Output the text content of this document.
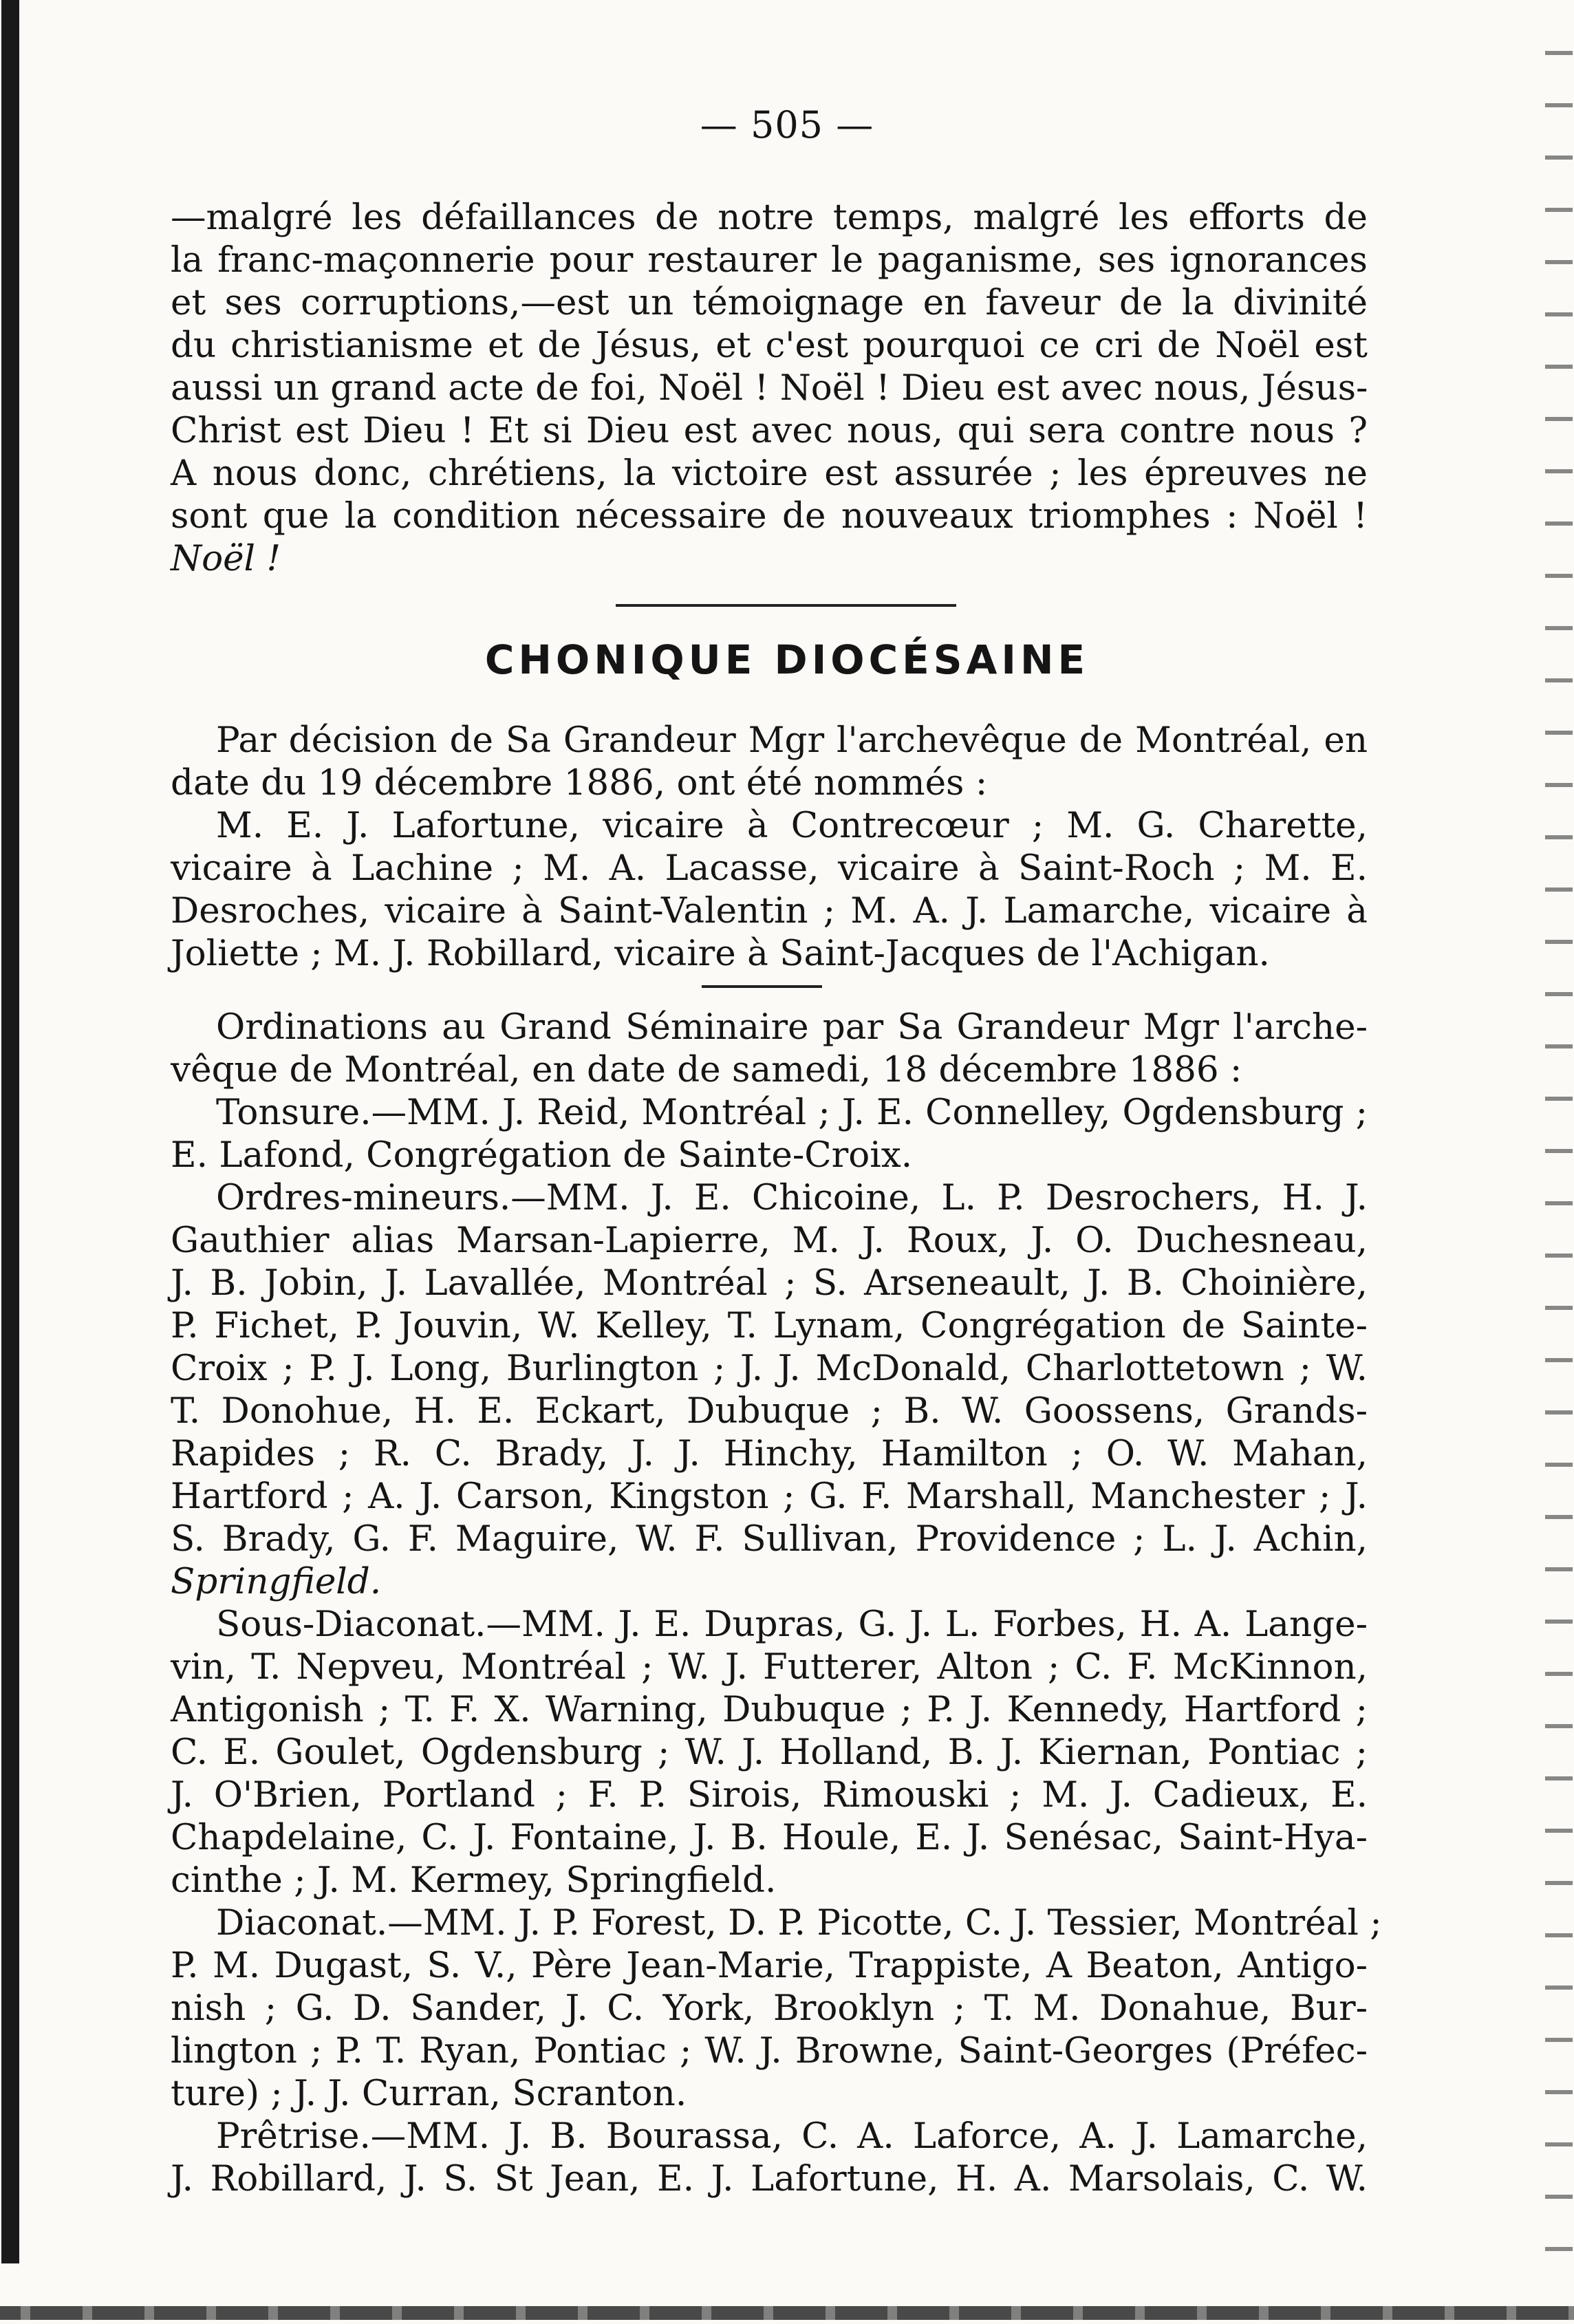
— 505 —
—malgré les défaillances de notre temps, malgré les efforts de
la franc-maçonnerie pour restaurer le paganisme, ses ignorances
et ses corruptions,—est un témoignage en faveur de la divinité
du christianisme et de Jésus, et c'est pourquoi ce cri de Noël est
aussi un grand acte de foi, Noël ! Noël ! Dieu est avec nous, Jésus-
Christ est Dieu ! Et si Dieu est avec nous, qui sera contre nous ?
A nous donc, chrétiens, la victoire est assurée ; les épreuves ne
sont que la condition nécessaire de nouveaux triomphes : Noël !
Noël !
CHONIQUE DIOCÉSAINE
Par décision de Sa Grandeur Mgr l'archevêque de Montréal, en
date du 19 décembre 1886, ont été nommés :
M. E. J. Lafortune, vicaire à Contrecœur ; M. G. Charette,
vicaire à Lachine ; M. A. Lacasse, vicaire à Saint-Roch ; M. E.
Desroches, vicaire à Saint-Valentin ; M. A. J. Lamarche, vicaire à
Joliette ; M. J. Robillard, vicaire à Saint-Jacques de l'Achigan.
Ordinations au Grand Séminaire par Sa Grandeur Mgr l'arche-
vêque de Montréal, en date de samedi, 18 décembre 1886 :
Tonsure.—MM. J. Reid, Montréal ; J. E. Connelley, Ogdensburg ;
E. Lafond, Congrégation de Sainte-Croix.
Ordres-mineurs.—MM. J. E. Chicoine, L. P. Desrochers, H. J.
Gauthier alias Marsan-Lapierre, M. J. Roux, J. O. Duchesneau,
J. B. Jobin, J. Lavallée, Montréal ; S. Arseneault, J. B. Choinière,
P. Fichet, P. Jouvin, W. Kelley, T. Lynam, Congrégation de Sainte-
Croix ; P. J. Long, Burlington ; J. J. McDonald, Charlottetown ; W.
T. Donohue, H. E. Eckart, Dubuque ; B. W. Goossens, Grands-
Rapides ; R. C. Brady, J. J. Hinchy, Hamilton ; O. W. Mahan,
Hartford ; A. J. Carson, Kingston ; G. F. Marshall, Manchester ; J.
S. Brady, G. F. Maguire, W. F. Sullivan, Providence ; L. J. Achin,
Springfield.
Sous-Diaconat.—MM. J. E. Dupras, G. J. L. Forbes, H. A. Lange-
vin, T. Nepveu, Montréal ; W. J. Futterer, Alton ; C. F. McKinnon,
Antigonish ; T. F. X. Warning, Dubuque ; P. J. Kennedy, Hartford ;
C. E. Goulet, Ogdensburg ; W. J. Holland, B. J. Kiernan, Pontiac ;
J. O'Brien, Portland ; F. P. Sirois, Rimouski ; M. J. Cadieux, E.
Chapdelaine, C. J. Fontaine, J. B. Houle, E. J. Senésac, Saint-Hya-
cinthe ; J. M. Kermey, Springfield.
Diaconat.—MM. J. P. Forest, D. P. Picotte, C. J. Tessier, Montréal ;
P. M. Dugast, S. V., Père Jean-Marie, Trappiste, A Beaton, Antigo-
nish ; G. D. Sander, J. C. York, Brooklyn ; T. M. Donahue, Bur-
lington ; P. T. Ryan, Pontiac ; W. J. Browne, Saint-Georges (Préfec-
ture) ; J. J. Curran, Scranton.
Prêtrise.—MM. J. B. Bourassa, C. A. Laforce, A. J. Lamarche,
J. Robillard, J. S. St Jean, E. J. Lafortune, H. A. Marsolais, C. W.
